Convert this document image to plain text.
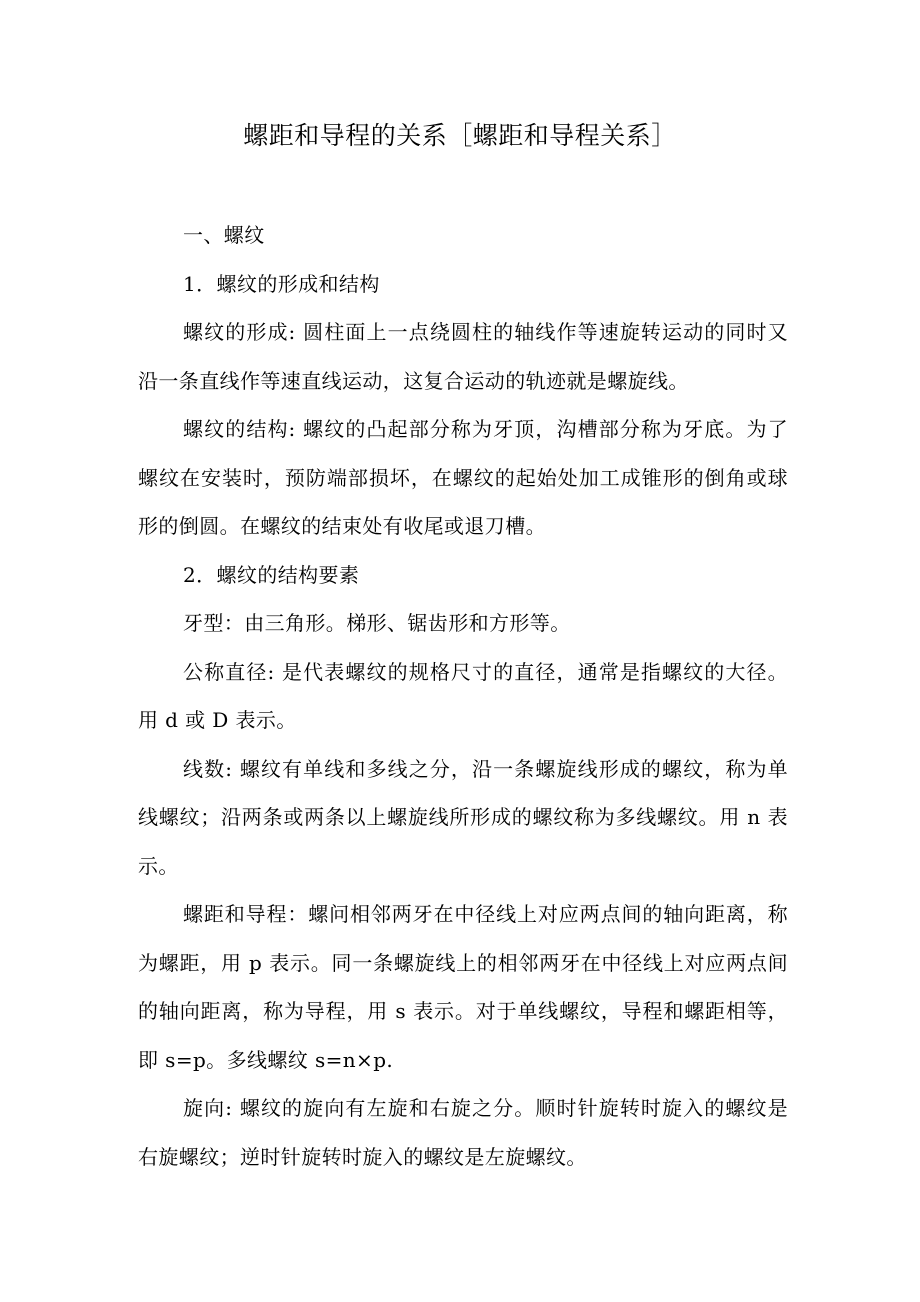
螺距和导程的关系［螺距和导程关系］

一、螺纹

1．螺纹的形成和结构

螺纹的形成: 圆柱面上一点绕圆柱的轴线作等速旋转运动的同时又沿一条直线作等速直线运动，这复合运动的轨迹就是螺旋线。

螺纹的结构: 螺纹的凸起部分称为牙顶，沟槽部分称为牙底。为了螺纹在安装时，预防端部损坏，在螺纹的起始处加工成锥形的倒角或球形的倒圆。在螺纹的结束处有收尾或退刀槽。

2．螺纹的结构要素

牙型：由三角形。梯形、锯齿形和方形等。

公称直径: 是代表螺纹的规格尺寸的直径，通常是指螺纹的大径。用 d 或 D 表示。

线数: 螺纹有单线和多线之分，沿一条螺旋线形成的螺纹，称为单线螺纹；沿两条或两条以上螺旋线所形成的螺纹称为多线螺纹。用 n 表示。

螺距和导程：螺问相邻两牙在中径线上对应两点间的轴向距离，称为螺距，用 p 表示。同一条螺旋线上的相邻两牙在中径线上对应两点间的轴向距离，称为导程，用 s 表示。对于单线螺纹，导程和螺距相等，即 s=p。多线螺纹 s=n×p.

旋向: 螺纹的旋向有左旋和右旋之分。顺时针旋转时旋入的螺纹是右旋螺纹；逆时针旋转时旋入的螺纹是左旋螺纹。
